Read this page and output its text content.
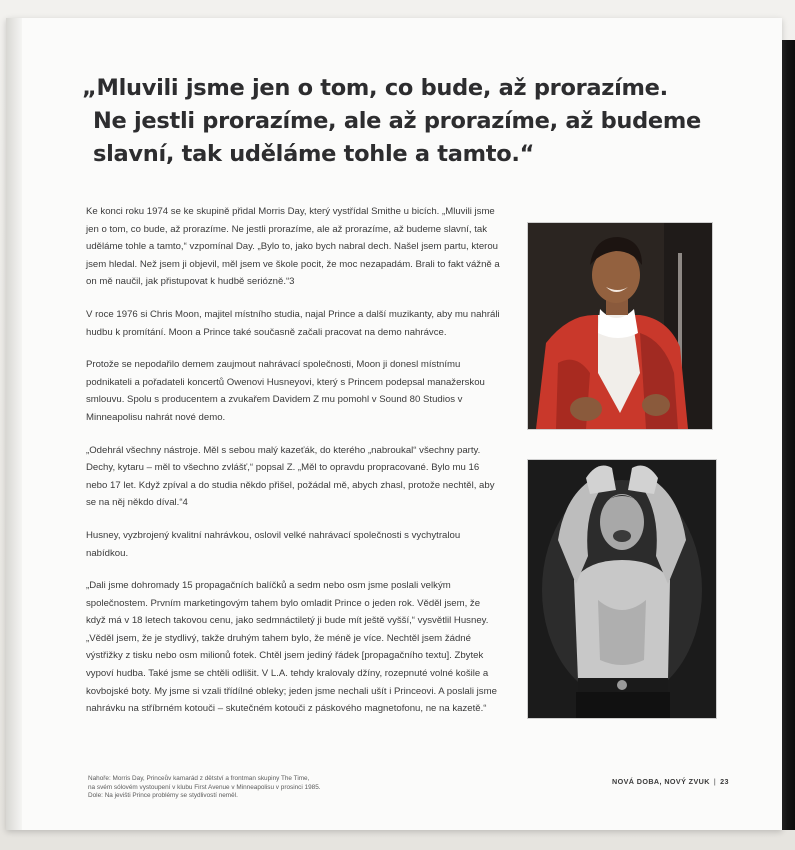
„Mluvili jsme jen o tom, co bude, až prorazíme.
Ne jestli prorazíme, ale až prorazíme, až budeme
slavní, tak uděláme tohle a tamto.“

Ke konci roku 1974 se ke skupině přidal Morris Day, který vystřídal Smithe u bicích. „Mluvili jsme jen o tom, co bude, až prorazíme. Ne jestli prorazíme, ale až prorazíme, až budeme slavní, tak uděláme tohle a tamto,“ vzpomínal Day. „Bylo to, jako bych nabral dech. Našel jsem partu, kterou jsem hledal. Než jsem ji objevil, měl jsem ve škole pocit, že moc nezapadám. Brali to fakt vážně a on mě naučil, jak přistupovat k hudbě seriózně.“3

V roce 1976 si Chris Moon, majitel místního studia, najal Prince a další muzikanty, aby mu nahráli hudbu k promítání. Moon a Prince také současně začali pracovat na demo nahrávce.

Protože se nepodařilo demem zaujmout nahrávací společnosti, Moon ji donesl místnímu podnikateli a pořadateli koncertů Owenovi Husneyovi, který s Princem podepsal manažerskou smlouvu. Spolu s producentem a zvukařem Davidem Z mu pomohl v Sound 80 Studios v Minneapolisu nahrát nové demo.

„Odehrál všechny nástroje. Měl s sebou malý kazeťák, do kterého „nabroukal“ všechny party. Dechy, kytaru – měl to všechno zvlášť,“ popsal Z. „Měl to opravdu propracované. Bylo mu 16 nebo 17 let. Když zpíval a do studia někdo přišel, požádal mě, abych zhasl, protože nechtěl, aby se na něj někdo díval.“4

Husney, vyzbrojený kvalitní nahrávkou, oslovil velké nahrávací společnosti s vychytralou nabídkou.

„Dali jsme dohromady 15 propagačních balíčků a sedm nebo osm jsme poslali velkým společnostem. Prvním marketingovým tahem bylo omladit Prince o jeden rok. Věděl jsem, že když má v 18 letech takovou cenu, jako sedmnáctiletý ji bude mít ještě vyšší,“ vysvětlil Husney. „Věděl jsem, že je stydlivý, takže druhým tahem bylo, že méně je více. Nechtěl jsem žádné výstřižky z tisku nebo osm milionů fotek. Chtěl jsem jediný řádek [propagačního textu]. Zbytek vypoví hudba. Také jsme se chtěli odlišit. V L.A. tehdy kralovaly džíny, rozepnuté volné košile a kovbojské boty. My jsme si vzali třídílné obleky; jeden jsme nechali ušít i Princeovi. A poslali jsme nahrávku na stříbrném kotouči – skutečném kotouči z páskového magnetofonu, ne na kazetě.“

Nahoře: Morris Day, Princeův kamarád z dětství a frontman skupiny The Time,
na svém sólovém vystoupení v klubu First Avenue v Minneapolisu v prosinci 1985.
Dole: Na jevišti Prince problémy se stydlivostí neměl.
NOVÁ DOBA, NOVÝ ZVUK | 23
